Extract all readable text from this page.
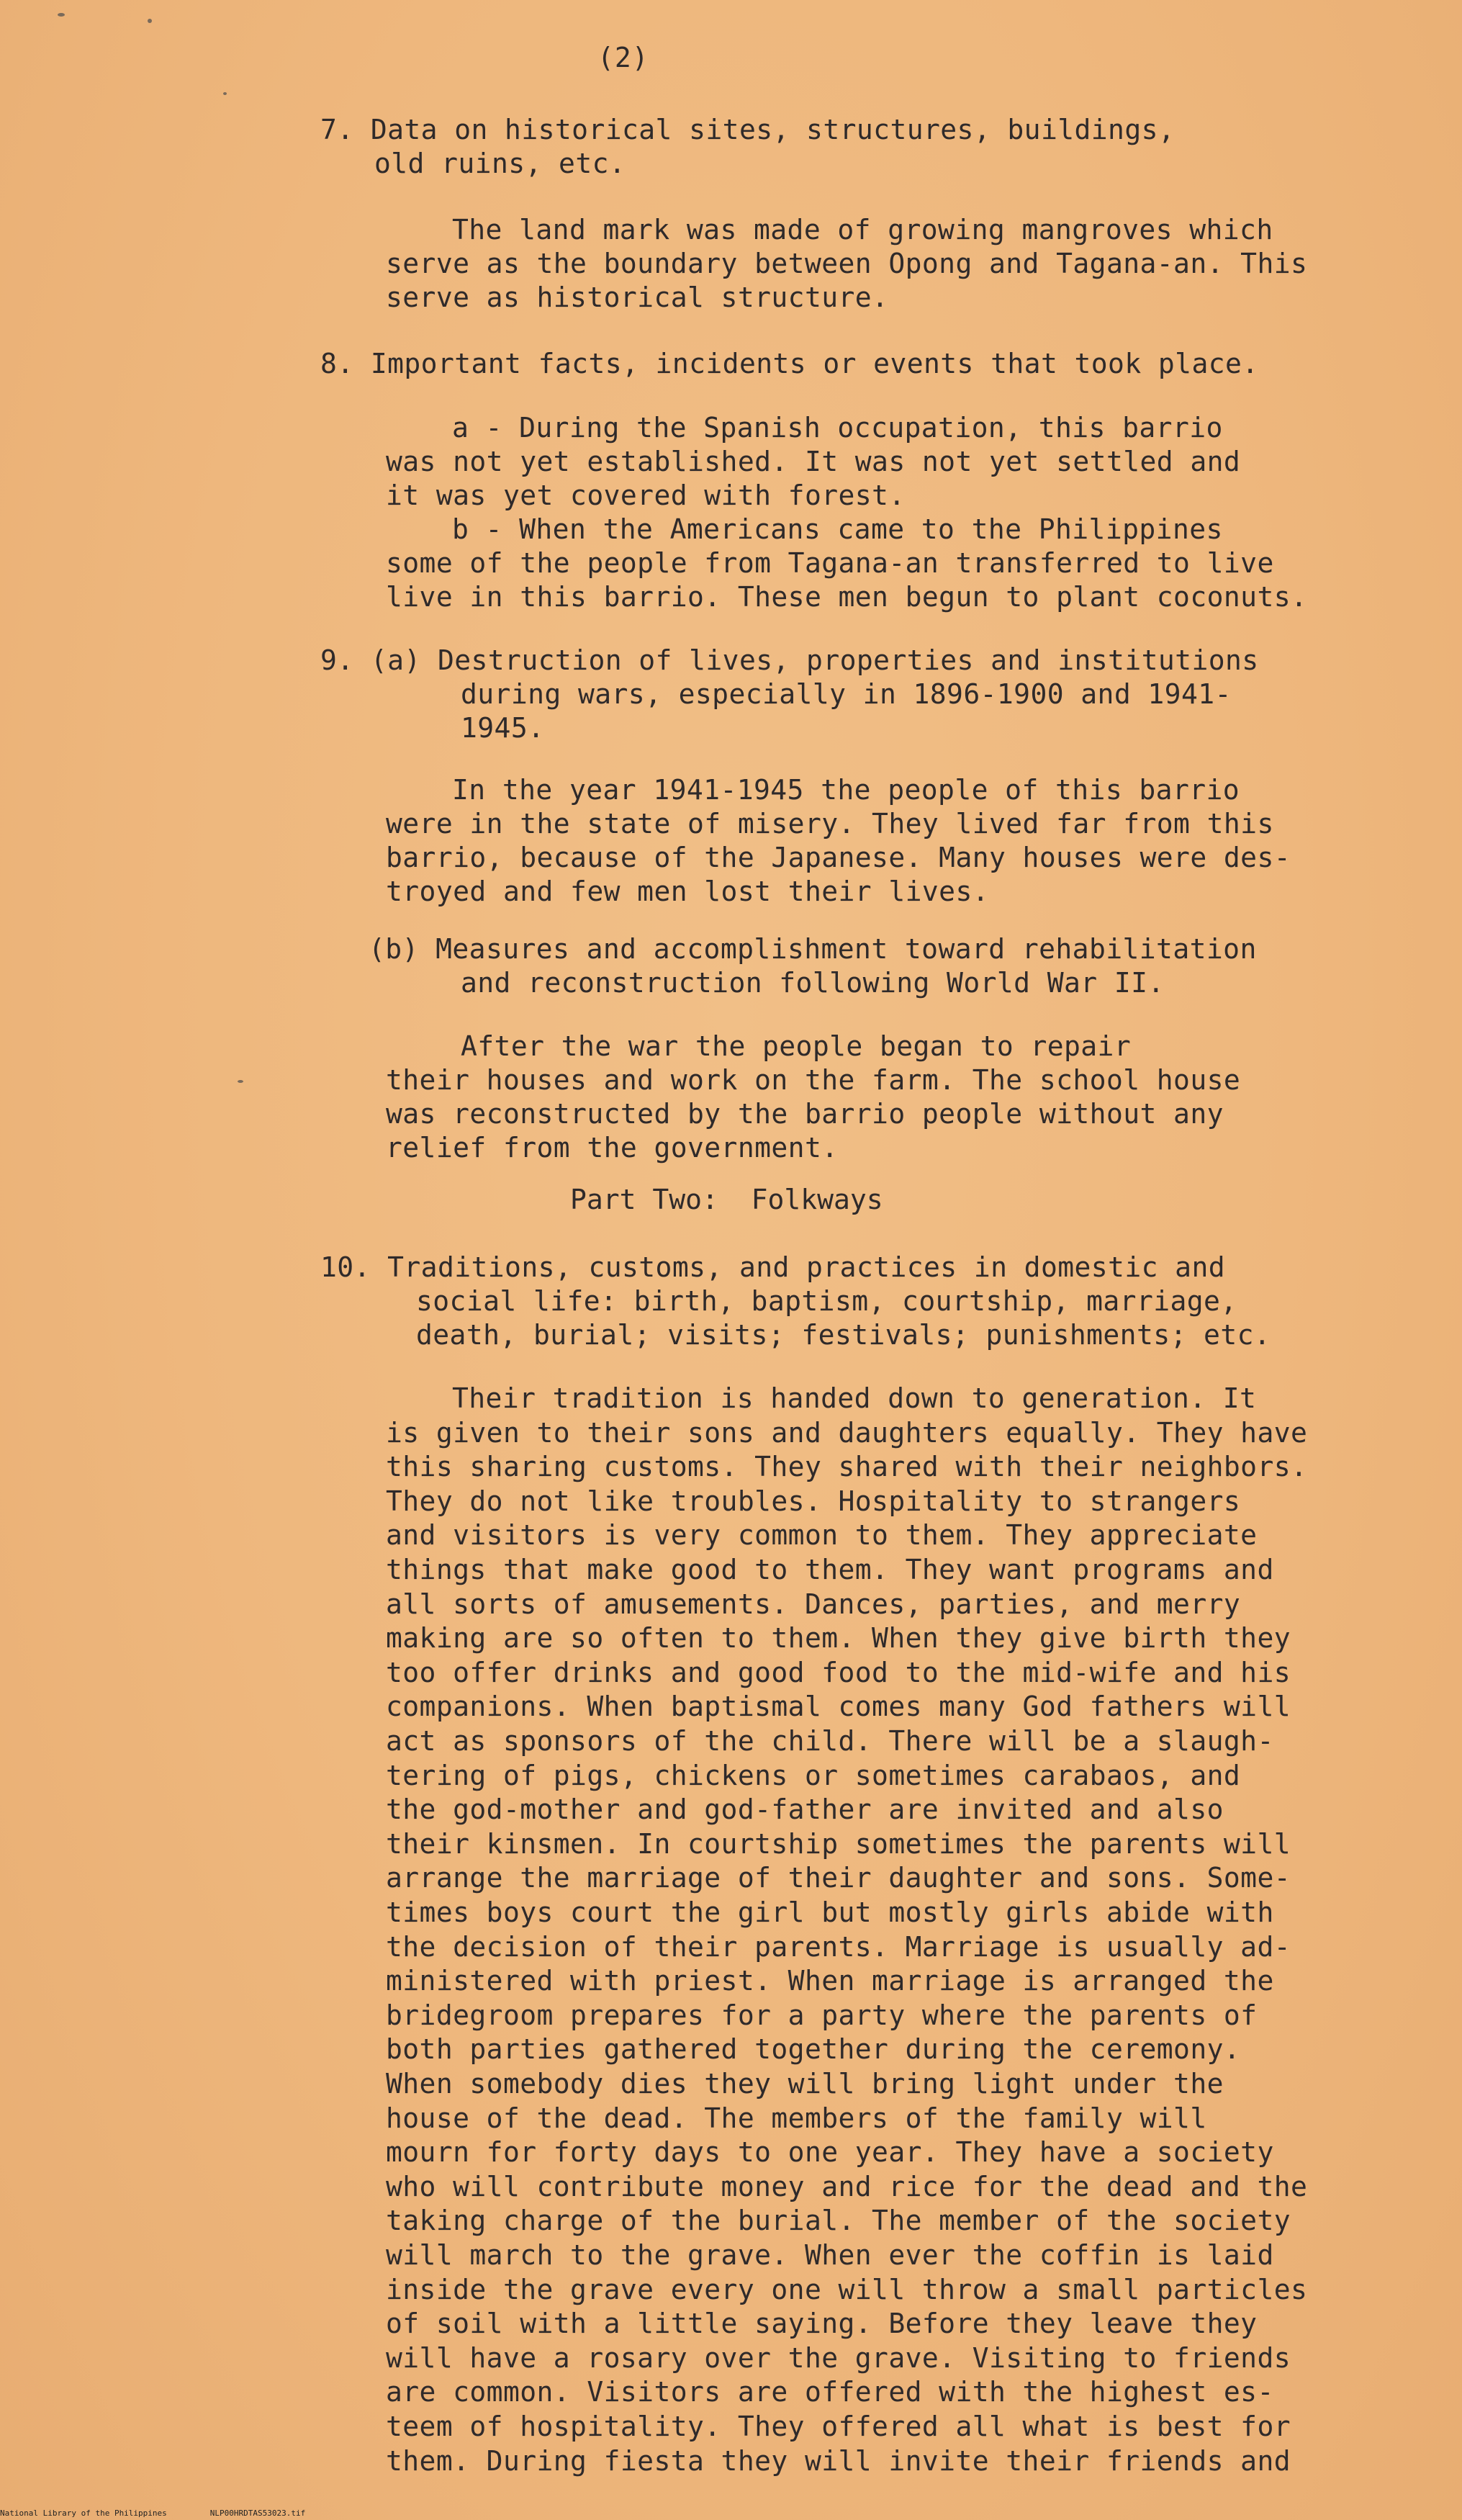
(2)
7. Data on historical sites, structures, buildings,
old ruins, etc.
The land mark was made of growing mangroves which
serve as the boundary between Opong and Tagana-an. This
serve as historical structure.
8. Important facts, incidents or events that took place.
a - During the Spanish occupation, this barrio
was not yet established. It was not yet settled and
it was yet covered with forest.
b - When the Americans came to the Philippines
some of the people from Tagana-an transferred to live
live in this barrio. These men begun to plant coconuts.
9. (a) Destruction of lives, properties and institutions
during wars, especially in 1896-1900 and 1941-
1945.
In the year 1941-1945 the people of this barrio
were in the state of misery. They lived far from this
barrio, because of the Japanese. Many houses were des-
troyed and few men lost their lives.
(b) Measures and accomplishment toward rehabilitation
and reconstruction following World War II.
After the war the people began to repair
their houses and work on the farm. The school house
was reconstructed by the barrio people without any
relief from the government.
Part Two:  Folkways
10. Traditions, customs, and practices in domestic and
social life: birth, baptism, courtship, marriage,
death, burial; visits; festivals; punishments; etc.
Their tradition is handed down to generation. It
is given to their sons and daughters equally. They have
this sharing customs. They shared with their neighbors.
They do not like troubles. Hospitality to strangers
and visitors is very common to them. They appreciate
things that make good to them. They want programs and
all sorts of amusements. Dances, parties, and merry
making are so often to them. When they give birth they
too offer drinks and good food to the mid-wife and his
companions. When baptismal comes many God fathers will
act as sponsors of the child. There will be a slaugh-
tering of pigs, chickens or sometimes carabaos, and
the god-mother and god-father are invited and also
their kinsmen. In courtship sometimes the parents will
arrange the marriage of their daughter and sons. Some-
times boys court the girl but mostly girls abide with
the decision of their parents. Marriage is usually ad-
ministered with priest. When marriage is arranged the
bridegroom prepares for a party where the parents of
both parties gathered together during the ceremony.
When somebody dies they will bring light under the
house of the dead. The members of the family will
mourn for forty days to one year. They have a society
who will contribute money and rice for the dead and the
taking charge of the burial. The member of the society
will march to the grave. When ever the coffin is laid
inside the grave every one will throw a small particles
of soil with a little saying. Before they leave they
will have a rosary over the grave. Visiting to friends
are common. Visitors are offered with the highest es-
teem of hospitality. They offered all what is best for
them. During fiesta they will invite their friends and
National Library of the Philippines	NLP00HRDTAS53023.tif
